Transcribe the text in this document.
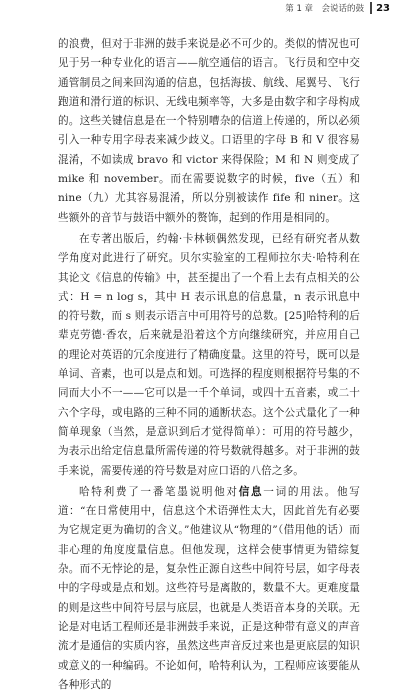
第 1 章　会说话的鼓 23

的浪费，但对于非洲的鼓手来说是必不可少的。类似的情况也可见于另一种专业化的语言——航空通信的语言。飞行员和空中交通管制员之间来回沟通的信息，包括海拔、航线、尾翼号、飞行跑道和滑行道的标识、无线电频率等，大多是由数字和字母构成的。这些关键信息是在一个特别嘈杂的信道上传递的，所以必须引入一种专用字母表来减少歧义。口语里的字母 B 和 V 很容易混淆，不如读成 bravo 和 victor 来得保险；M 和 N 则变成了 mike 和 november。而在需要说数字的时候，five（五）和 nine（九）尤其容易混淆，所以分别被读作 fife 和 niner。这些额外的音节与鼓语中额外的赘饰，起到的作用是相同的。

在专著出版后，约翰·卡林顿偶然发现，已经有研究者从数学角度对此进行了研究。贝尔实验室的工程师拉尔夫·哈特利在其论文《信息的传输》中，甚至提出了一个看上去有点相关的公式：H = n log s，其中 H 表示讯息的信息量，n 表示讯息中的符号数，而 s 则表示语言中可用符号的总数。[25]哈特利的后辈克劳德·香农，后来就是沿着这个方向继续研究，并应用自己的理论对英语的冗余度进行了精确度量。这里的符号，既可以是单词、音素，也可以是点和划。可选择的程度则根据符号集的不同而大小不一——它可以是一千个单词，或四十五音素，或二十六个字母，或电路的三种不同的通断状态。这个公式量化了一种简单现象（当然，是意识到后才觉得简单）：可用的符号越少，为表示出给定信息量所需传递的符号数就得越多。对于非洲的鼓手来说，需要传递的符号数是对应口语的八倍之多。

哈特利费了一番笔墨说明他对信息一词的用法。他写道：“在日常使用中，信息这个术语弹性太大，因此首先有必要为它规定更为确切的含义。”他建议从“物理的”（借用他的话）而非心理的角度度量信息。但他发现，这样会使事情更为错综复杂。而不无悖论的是，复杂性正源自这些中间符号层，如字母表中的字母或是点和划。这些符号是离散的，数量不大。更难度量的则是这些中间符号层与底层，也就是人类语音本身的关联。无论是对电话工程师还是非洲鼓手来说，正是这种带有意义的声音流才是通信的实质内容，虽然这些声音反过来也是更底层的知识或意义的一种编码。不论如何，哈特利认为，工程师应该要能从各种形式的
